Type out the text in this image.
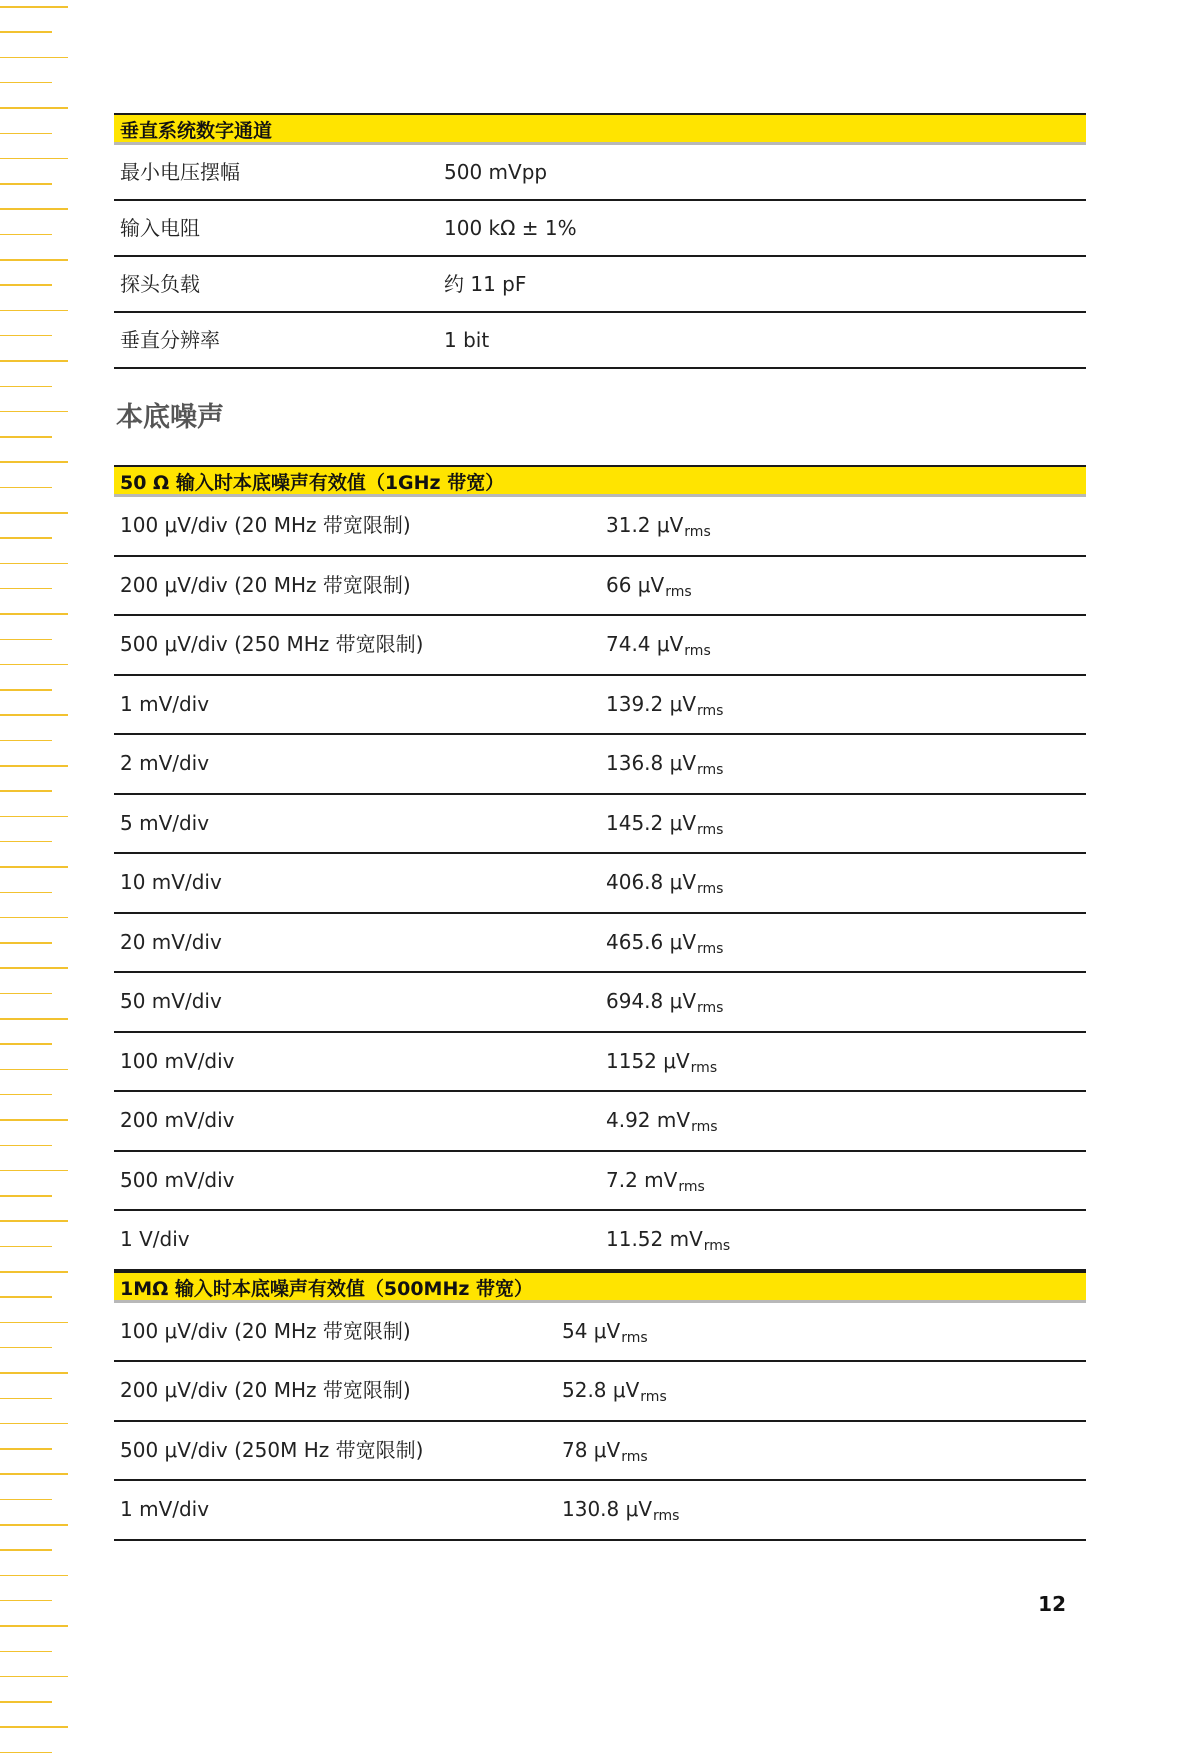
垂直系统数字通道
最小电压摆幅	500 mVpp
输入电阻	100 kΩ ± 1%
探头负载	约 11 pF
垂直分辨率	1 bit
本底噪声
50 Ω 输入时本底噪声有效值（1GHz 带宽）
100 μV/div (20 MHz 带宽限制)	31.2 $\mu V_{rms}$
200 μV/div (20 MHz 带宽限制)	66 $\mu V_{rms}$
500 μV/div (250 MHz 带宽限制)	74.4 $\mu V_{rms}$
1 mV/div	139.2 $\mu V_{rms}$
2 mV/div	136.8 $\mu V_{rms}$
5 mV/div	145.2 $\mu V_{rms}$
10 mV/div	406.8 $\mu V_{rms}$
20 mV/div	465.6 $\mu V_{rms}$
50 mV/div	694.8 $\mu V_{rms}$
100 mV/div	1152 $\mu V_{rms}$
200 mV/div	4.92 $mV_{rms}$
500 mV/div	7.2 $mV_{rms}$
1 V/div	11.52 $mV_{rms}$
1MΩ 输入时本底噪声有效值（500MHz 带宽）
100 μV/div (20 MHz 带宽限制)	54 $\mu V_{rms}$
200 μV/div (20 MHz 带宽限制)	52.8 $\mu V_{rms}$
500 μV/div (250M Hz 带宽限制)	78 $\mu V_{rms}$
1 mV/div	130.8 $\mu V_{rms}$
12
